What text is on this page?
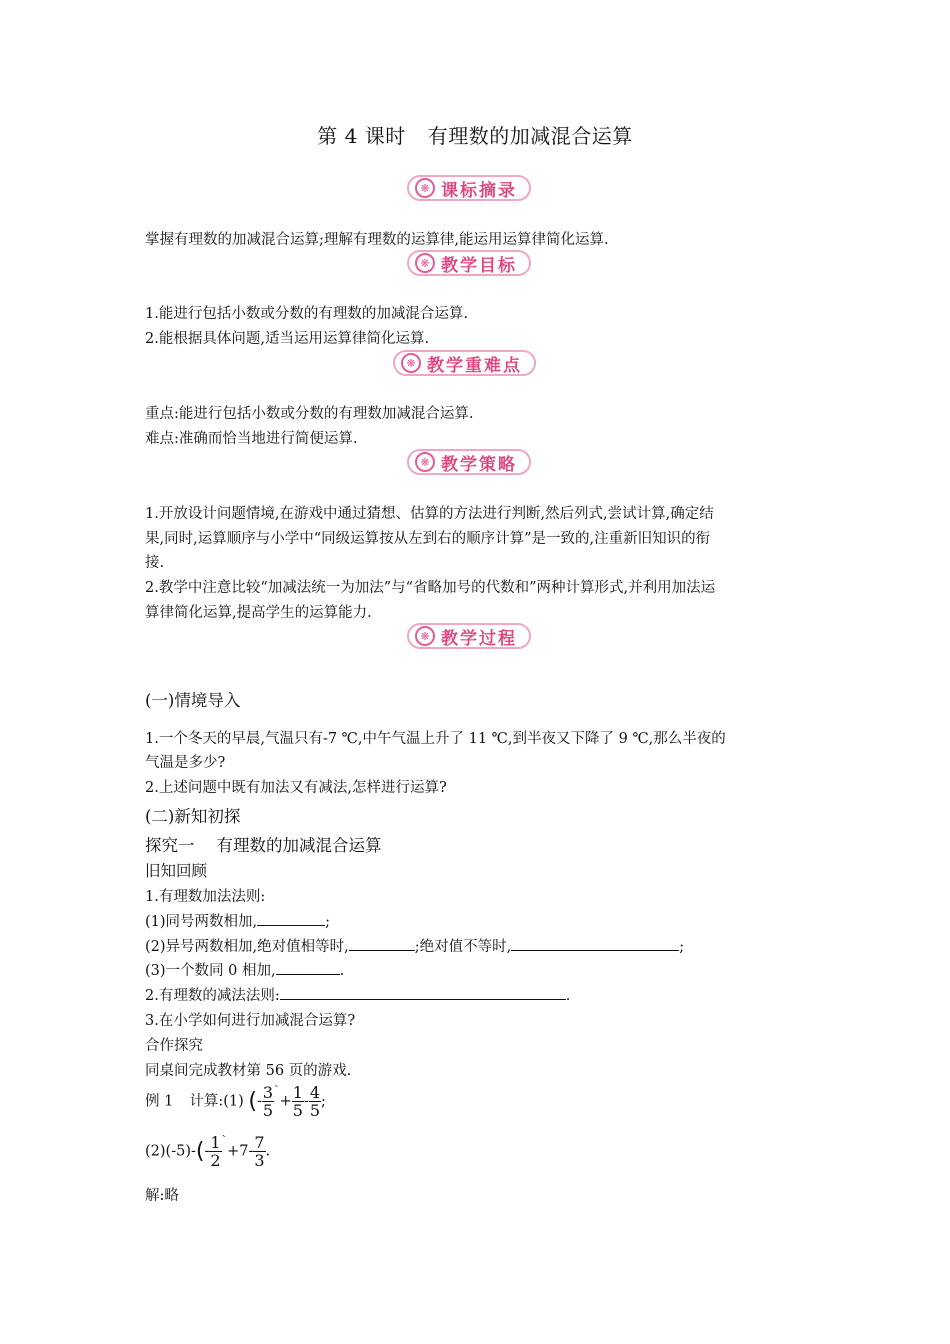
第 4 课时 有理数的加减混合运算
❋ 课标摘录
掌握有理数的加减混合运算;理解有理数的运算律,能运用运算律简化运算.
❋ 教学目标
1.能进行包括小数或分数的有理数的加减混合运算.
2.能根据具体问题,适当运用运算律简化运算.
❋ 教学重难点
重点:能进行包括小数或分数的有理数加减混合运算.
难点:准确而恰当地进行简便运算.
❋ 教学策略
1.开放设计问题情境,在游戏中通过猜想、估算的方法进行判断,然后列式,尝试计算,确定结
果,同时,运算顺序与小学中“同级运算按从左到右的顺序计算”是一致的,注重新旧知识的衔
接.
2.教学中注意比较“加减法统一为加法”与“省略加号的代数和”两种计算形式,并利用加法运
算律简化运算,提高学生的运算能力.
❋ 教学过程
(一)情境导入
1.一个冬天的早晨,气温只有-7 ℃,中午气温上升了 11 ℃,到半夜又下降了 9 ℃,那么半夜的
气温是多少?
2.上述问题中既有加法又有减法,怎样进行运算?
(二)新知初探
探究一 有理数的加减混合运算
旧知回顾
1.有理数加法法则:
(1)同号两数相加,	;
(2)异号两数相加,绝对值相等时,	;绝对值不等时,	;
(3)一个数同 0 相加,	.
2.有理数的减法法则:	.
3.在小学如何进行加减混合运算?
合作探究
同桌间完成教材第 56 页的游戏.
例 1 计算:(1) (- $\frac{3}{5} ^`+ \frac{1}{5} - \frac{4}{5}$ ;
$(2)(-5)-(- \frac{1}{2} ^`+7- \frac{7}{3}$ .
解:略
